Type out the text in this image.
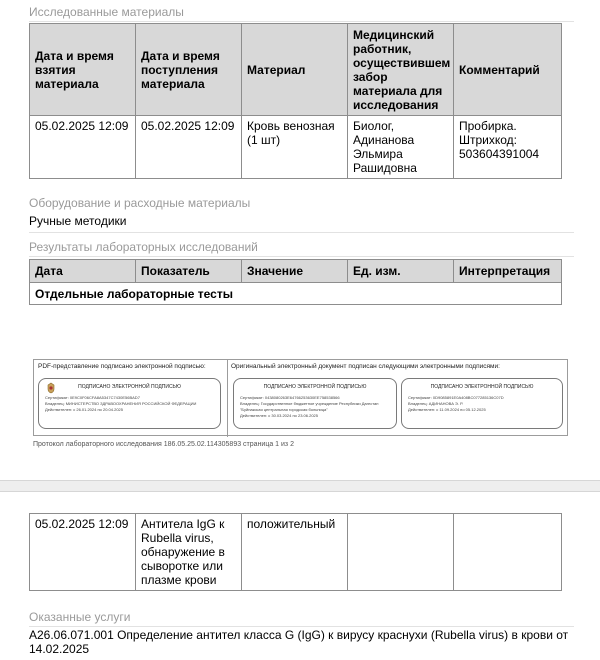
Исследованные материалы
Дата и время взятия материала	Дата и время поступления материала	Материал	Медицинский работник, осуществившем забор материала для исследования	Комментарий
05.02.2025 12:09	05.02.2025 12:09	Кровь венозная (1 шт)	Биолог, Адинанова Эльмира Рашидовна	Пробирка. Штрихкод: 503604391004
Оборудование и расходные материалы
Ручные методики
Результаты лабораторных исследований
Дата	Показатель	Значение	Ед. изм.	Интерпретация
Отдельные лабораторные тесты
PDF-представление подписано электронной подписью:	Оригинальный электронный документ подписан следующими электронными подписями:
ПОДПИСАНО ЭЛЕКТРОННОЙ ПОДПИСЬЮ
Сертификат: 0E9C0F06CFA8A5347C7430E56BAD7
Владелец: МИНИСТЕРСТВО ЗДРАВООХРАНЕНИЯ РОССИЙСКОЙ ФЕДЕРАЦИИ
Действителен: с 26.01.2024 по 20.04.2025
ПОДПИСАНО ЭЛЕКТРОННОЙ ПОДПИСЬЮ
Сертификат: 0438080263E64766253630EE758538566
Владелец: Государственное бюджетное учреждение Республики Дагестан "Буйнакская центральная городская больница"
Действителен: с 30.03.2024 по 23.06.2025
ПОДПИСАНО ЭЛЕКТРОННОЙ ПОДПИСЬЮ
Сертификат: 0D9085891E0A408BC077285136C07D
Владелец: АДИНАНОВА Э. Р.
Действителен: с 11.09.2024 по 05.12.2025
Протокол лабораторного исследования 186.05.25.02.114305893 страница 1 из 2
05.02.2025 12:09	Антитела IgG к Rubella virus, обнаружение в сыворотке или плазме крови	положительный		
Оказанные услуги
A26.06.071.001 Определение антител класса G (IgG) к вирусу краснухи (Rubella virus) в крови от 14.02.2025
